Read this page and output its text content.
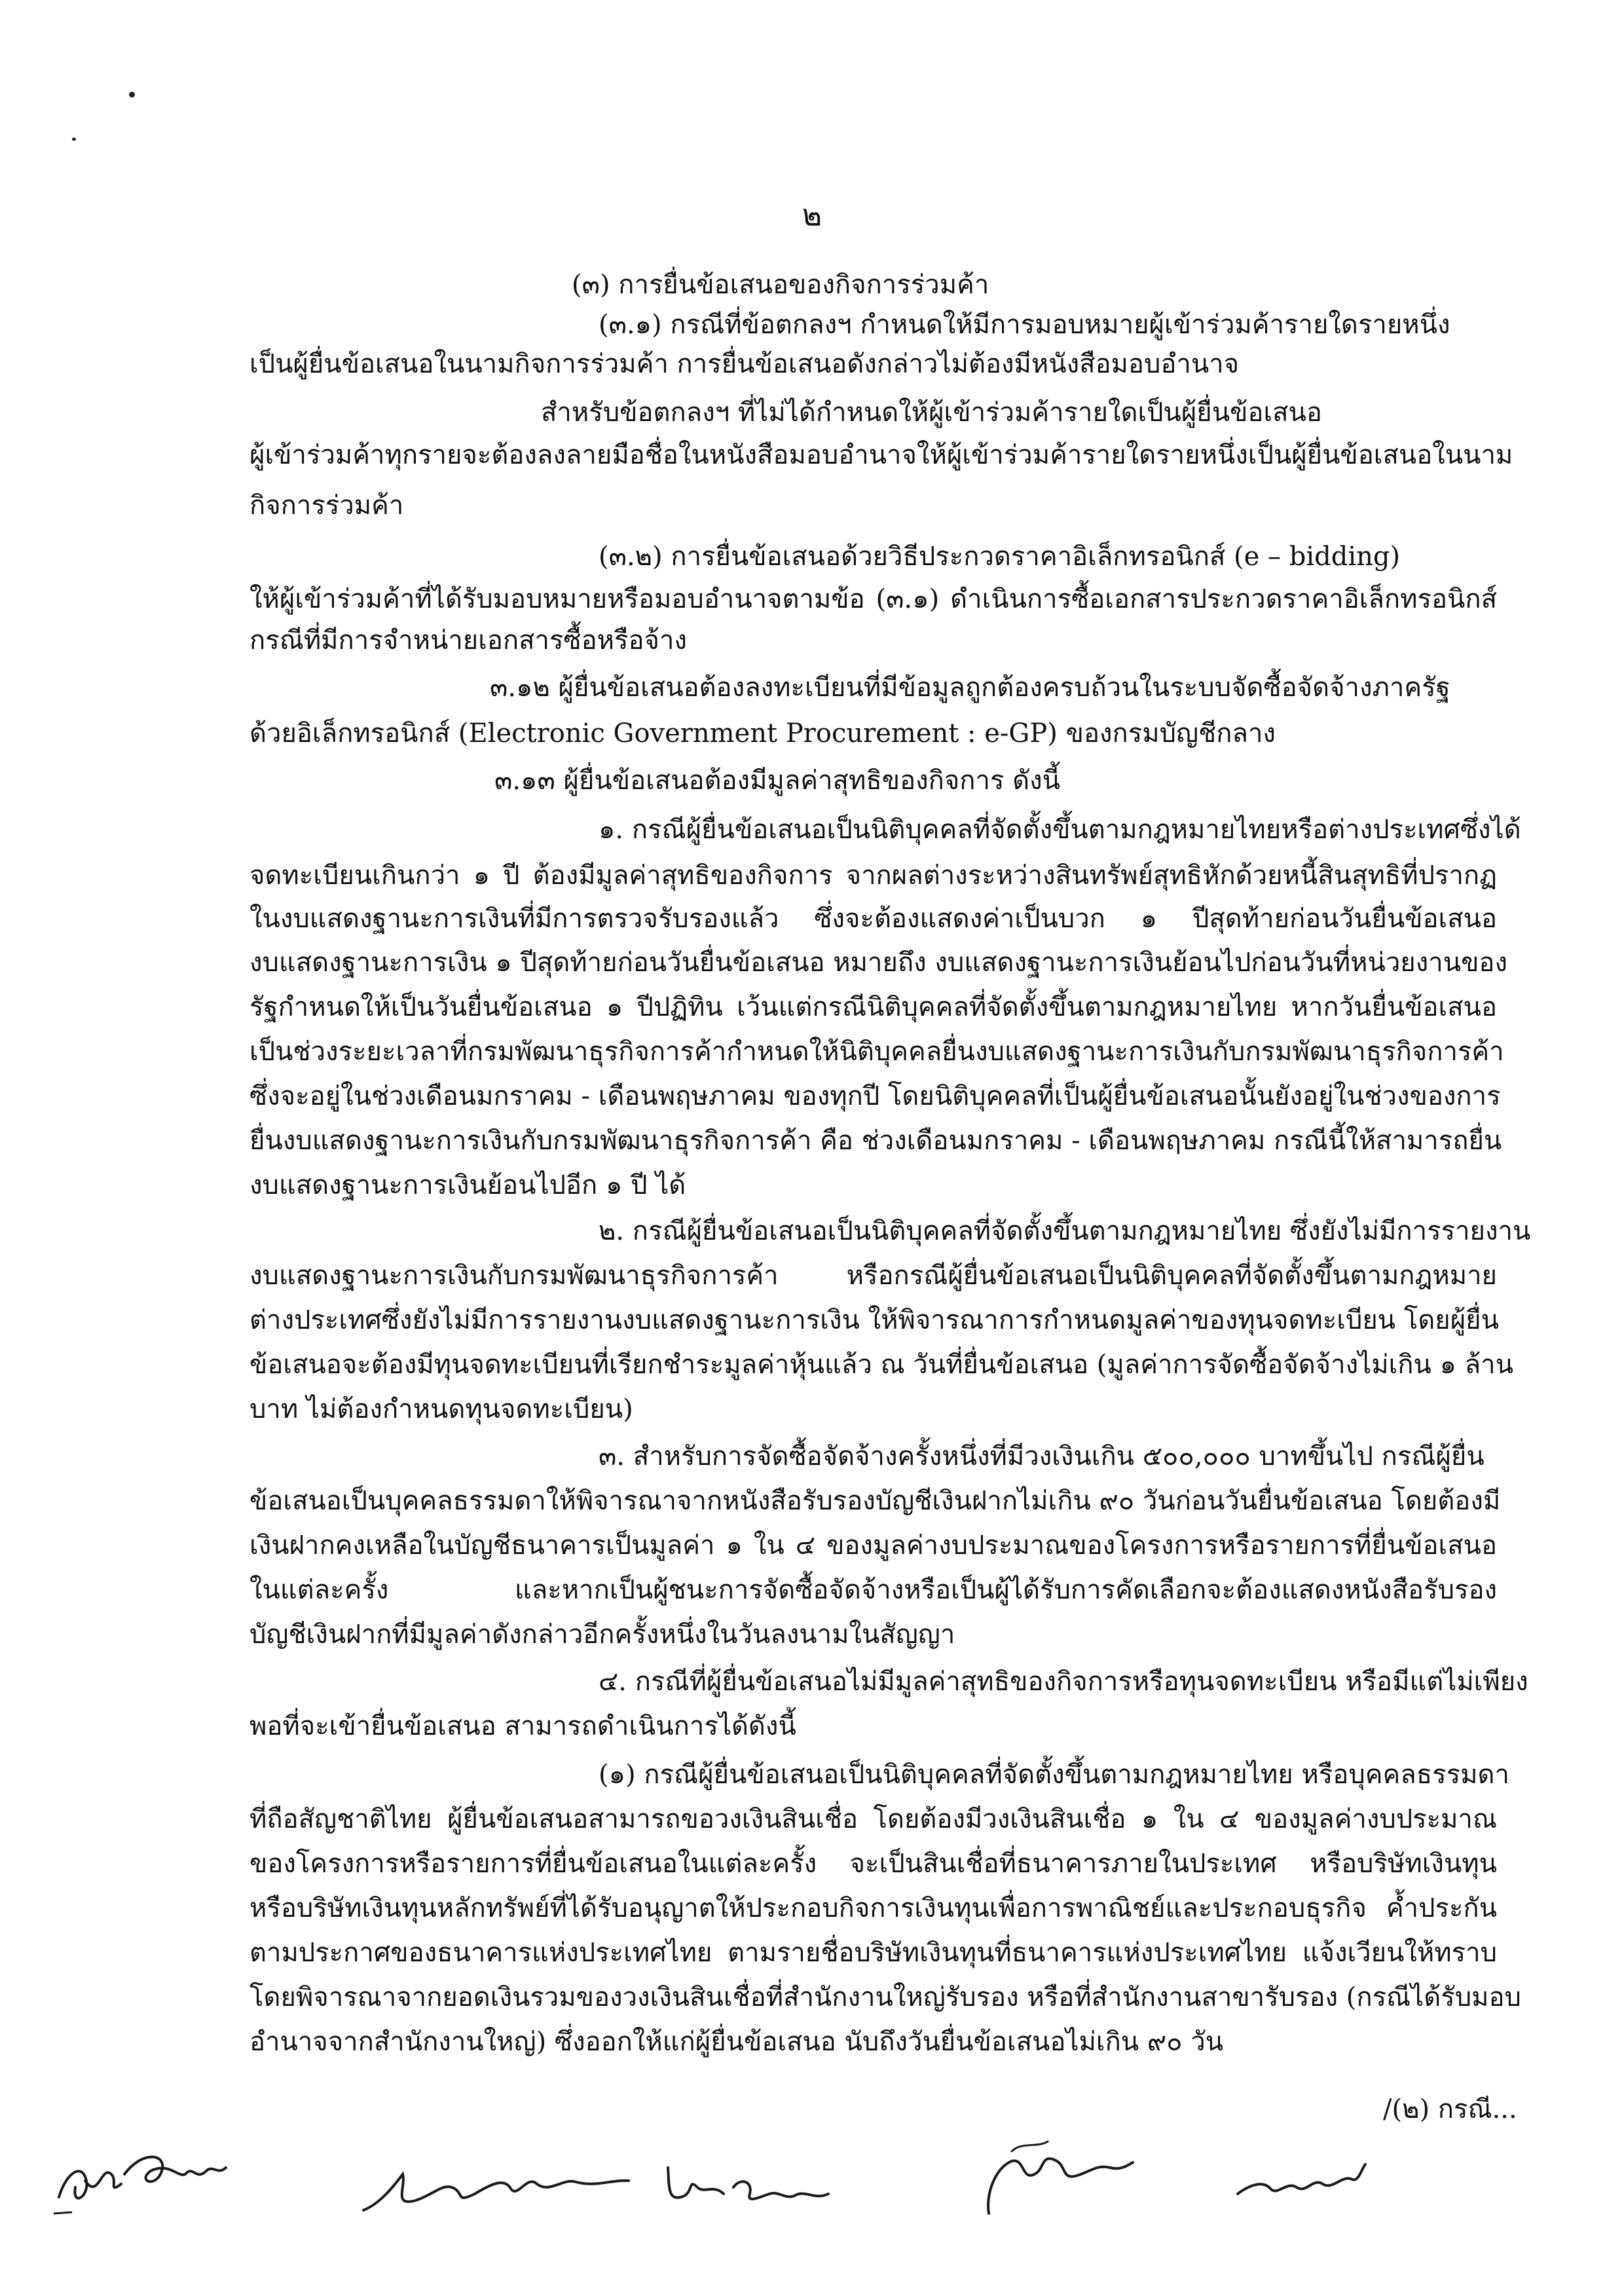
๒
(๓) การยื่นข้อเสนอของกิจการร่วมค้า
(๓.๑) กรณีที่ข้อตกลงฯ กำหนดให้มีการมอบหมายผู้เข้าร่วมค้ารายใดรายหนึ่ง
เป็นผู้ยื่นข้อเสนอในนามกิจการร่วมค้า การยื่นข้อเสนอดังกล่าวไม่ต้องมีหนังสือมอบอำนาจ
สำหรับข้อตกลงฯ ที่ไม่ได้กำหนดให้ผู้เข้าร่วมค้ารายใดเป็นผู้ยื่นข้อเสนอ
ผู้เข้าร่วมค้าทุกรายจะต้องลงลายมือชื่อในหนังสือมอบอำนาจให้ผู้เข้าร่วมค้ารายใดรายหนึ่งเป็นผู้ยื่นข้อเสนอในนาม
กิจการร่วมค้า
(๓.๒) การยื่นข้อเสนอด้วยวิธีประกวดราคาอิเล็กทรอนิกส์ (e – bidding)
ให้ผู้เข้าร่วมค้าที่ได้รับมอบหมายหรือมอบอำนาจตามข้อ (๓.๑) ดำเนินการซื้อเอกสารประกวดราคาอิเล็กทรอนิกส์
กรณีที่มีการจำหน่ายเอกสารซื้อหรือจ้าง
๓.๑๒ ผู้ยื่นข้อเสนอต้องลงทะเบียนที่มีข้อมูลถูกต้องครบถ้วนในระบบจัดซื้อจัดจ้างภาครัฐ
ด้วยอิเล็กทรอนิกส์ (Electronic Government Procurement : e-GP) ของกรมบัญชีกลาง
๓.๑๓ ผู้ยื่นข้อเสนอต้องมีมูลค่าสุทธิของกิจการ ดังนี้
๑. กรณีผู้ยื่นข้อเสนอเป็นนิติบุคคลที่จัดตั้งขึ้นตามกฎหมายไทยหรือต่างประเทศซึ่งได้
จดทะเบียนเกินกว่า ๑ ปี ต้องมีมูลค่าสุทธิของกิจการ จากผลต่างระหว่างสินทรัพย์สุทธิหักด้วยหนี้สินสุทธิที่ปรากฏ
ในงบแสดงฐานะการเงินที่มีการตรวจรับรองแล้ว ซึ่งจะต้องแสดงค่าเป็นบวก ๑ ปีสุดท้ายก่อนวันยื่นข้อเสนอ
งบแสดงฐานะการเงิน ๑ ปีสุดท้ายก่อนวันยื่นข้อเสนอ หมายถึง งบแสดงฐานะการเงินย้อนไปก่อนวันที่หน่วยงานของ
รัฐกำหนดให้เป็นวันยื่นข้อเสนอ ๑ ปีปฏิทิน เว้นแต่กรณีนิติบุคคลที่จัดตั้งขึ้นตามกฎหมายไทย หากวันยื่นข้อเสนอ
เป็นช่วงระยะเวลาที่กรมพัฒนาธุรกิจการค้ากำหนดให้นิติบุคคลยื่นงบแสดงฐานะการเงินกับกรมพัฒนาธุรกิจการค้า
ซึ่งจะอยู่ในช่วงเดือนมกราคม - เดือนพฤษภาคม ของทุกปี โดยนิติบุคคลที่เป็นผู้ยื่นข้อเสนอนั้นยังอยู่ในช่วงของการ
ยื่นงบแสดงฐานะการเงินกับกรมพัฒนาธุรกิจการค้า คือ ช่วงเดือนมกราคม - เดือนพฤษภาคม กรณีนี้ให้สามารถยื่น
งบแสดงฐานะการเงินย้อนไปอีก ๑ ปี ได้
๒. กรณีผู้ยื่นข้อเสนอเป็นนิติบุคคลที่จัดตั้งขึ้นตามกฎหมายไทย ซึ่งยังไม่มีการรายงาน
งบแสดงฐานะการเงินกับกรมพัฒนาธุรกิจการค้า หรือกรณีผู้ยื่นข้อเสนอเป็นนิติบุคคลที่จัดตั้งขึ้นตามกฎหมาย
ต่างประเทศซึ่งยังไม่มีการรายงานงบแสดงฐานะการเงิน ให้พิจารณาการกำหนดมูลค่าของทุนจดทะเบียน โดยผู้ยื่น
ข้อเสนอจะต้องมีทุนจดทะเบียนที่เรียกชำระมูลค่าหุ้นแล้ว ณ วันที่ยื่นข้อเสนอ (มูลค่าการจัดซื้อจัดจ้างไม่เกิน ๑ ล้าน
บาท ไม่ต้องกำหนดทุนจดทะเบียน)
๓. สำหรับการจัดซื้อจัดจ้างครั้งหนึ่งที่มีวงเงินเกิน ๕๐๐,๐๐๐ บาทขึ้นไป กรณีผู้ยื่น
ข้อเสนอเป็นบุคคลธรรมดาให้พิจารณาจากหนังสือรับรองบัญชีเงินฝากไม่เกิน ๙๐ วันก่อนวันยื่นข้อเสนอ โดยต้องมี
เงินฝากคงเหลือในบัญชีธนาคารเป็นมูลค่า ๑ ใน ๔ ของมูลค่างบประมาณของโครงการหรือรายการที่ยื่นข้อเสนอ
ในแต่ละครั้ง และหากเป็นผู้ชนะการจัดซื้อจัดจ้างหรือเป็นผู้ได้รับการคัดเลือกจะต้องแสดงหนังสือรับรอง
บัญชีเงินฝากที่มีมูลค่าดังกล่าวอีกครั้งหนึ่งในวันลงนามในสัญญา
๔. กรณีที่ผู้ยื่นข้อเสนอไม่มีมูลค่าสุทธิของกิจการหรือทุนจดทะเบียน หรือมีแต่ไม่เพียง
พอที่จะเข้ายื่นข้อเสนอ สามารถดำเนินการได้ดังนี้
(๑) กรณีผู้ยื่นข้อเสนอเป็นนิติบุคคลที่จัดตั้งขึ้นตามกฎหมายไทย หรือบุคคลธรรมดา
ที่ถือสัญชาติไทย ผู้ยื่นข้อเสนอสามารถขอวงเงินสินเชื่อ โดยต้องมีวงเงินสินเชื่อ ๑ ใน ๔ ของมูลค่างบประมาณ
ของโครงการหรือรายการที่ยื่นข้อเสนอในแต่ละครั้ง จะเป็นสินเชื่อที่ธนาคารภายในประเทศ หรือบริษัทเงินทุน
หรือบริษัทเงินทุนหลักทรัพย์ที่ได้รับอนุญาตให้ประกอบกิจการเงินทุนเพื่อการพาณิชย์และประกอบธุรกิจ ค้ำประกัน
ตามประกาศของธนาคารแห่งประเทศไทย ตามรายชื่อบริษัทเงินทุนที่ธนาคารแห่งประเทศไทย แจ้งเวียนให้ทราบ
โดยพิจารณาจากยอดเงินรวมของวงเงินสินเชื่อที่สำนักงานใหญ่รับรอง หรือที่สำนักงานสาขารับรอง (กรณีได้รับมอบ
อำนาจจากสำนักงานใหญ่) ซึ่งออกให้แก่ผู้ยื่นข้อเสนอ นับถึงวันยื่นข้อเสนอไม่เกิน ๙๐ วัน
/(๒) กรณี...
